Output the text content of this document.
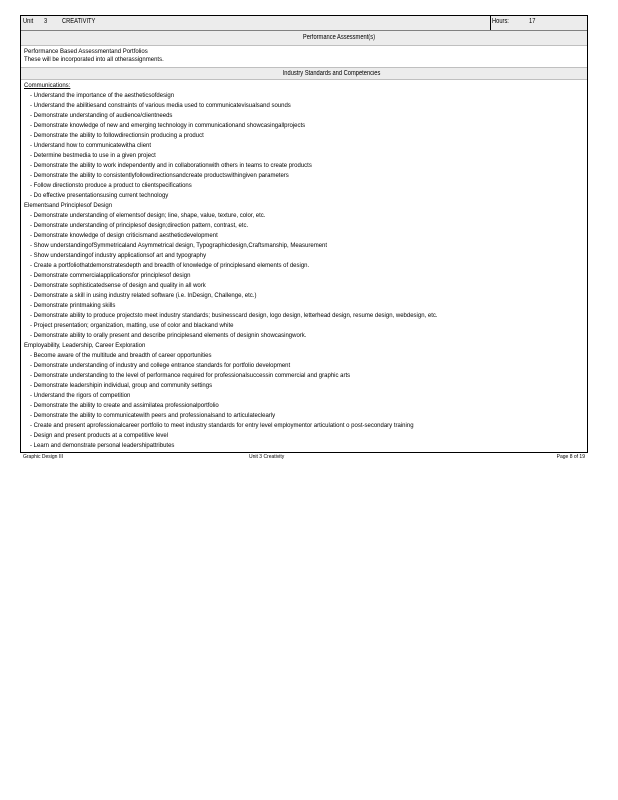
Unit 3 CREATIVITY	Hours:	17
Performance Assessment(s)
Performance Based Assessmentand Portfolios
These will be incorporated into all otherassignments.
Industry Standards and Competencies
Communications:
- Understand the importance of the aestheticsofdesign
- Understand the abilitiesand constraints of various media used to communicatevisualsand sounds
- Demonstrate understanding of audience/clientneeds
- Demonstrate knowledge of new and emerging technology in communicationand showcasingallprojects
- Demonstrate the ability to followdirectionsin producing a product
- Understand how to communicatewitha client
- Determine bestmedia to use in a given project
- Demonstrate the ability to work independently and in collaborationwith others in teams to create products
- Demonstrate the ability to consistentlyfollowdirectionsandcreate productswithingiven parameters
- Follow directionsto produce a product to clientspecifications
- Do effective presentationsusing current technology
Elementsand Principlesof Design
- Demonstrate understanding of elementsof design; line, shape, value, texture, color, etc.
- Demonstrate understanding of principlesof design;direction pattern, contrast, etc.
- Demonstrate knowledge of design criticismand aestheticdevelopment
- Show understandingofSymmetricaland Asymmetrical design, Typographicdesign,Craftsmanship, Measurement
- Show understandingof industry applicationsof art and typography
- Create a portfoliothatdemonstratesdepth and breadth of knowledge of principlesand elements of design.
- Demonstrate commercialapplicationsfor principlesof design
- Demonstrate sophisticatedsense of design and quality in all work
- Demonstrate a skill in using industry related software (i.e. InDesign, Challenge, etc.)
- Demonstrate printmaking skills
- Demonstrate ability to produce projectsto meet industry standards; businesscard design, logo design, letterhead design, resume design, webdesign, etc.
- Project presentation; organization, matting, use of color and blackand white
- Demonstrate ability to orally present and describe principlesand elements of designin showcasingwork.
Employability, Leadership, Career Exploration
- Become aware of the multitude and breadth of career opportunities
- Demonstrate understanding of industry and college entrance standards for portfolio development
- Demonstrate understanding to the level of performance required for professionalsuccessin commercial and graphic arts
- Demonstrate leadershipin individual, group and community settings
- Understand the rigors of competition
- Demonstrate the ability to create and assimilatea professionalportfolio
- Demonstrate the ability to communicatewith peers and professionalsand to articulateclearly
- Create and present aprofessionalcareer portfolio to meet industry standards for entry level employmentor articulationt o post-secondary training
- Design and present products at a competitive level
- Learn and demonstrate personal leadershipattributes
Graphic Design III	Unit 3 Creativity	Page 8 of 19
